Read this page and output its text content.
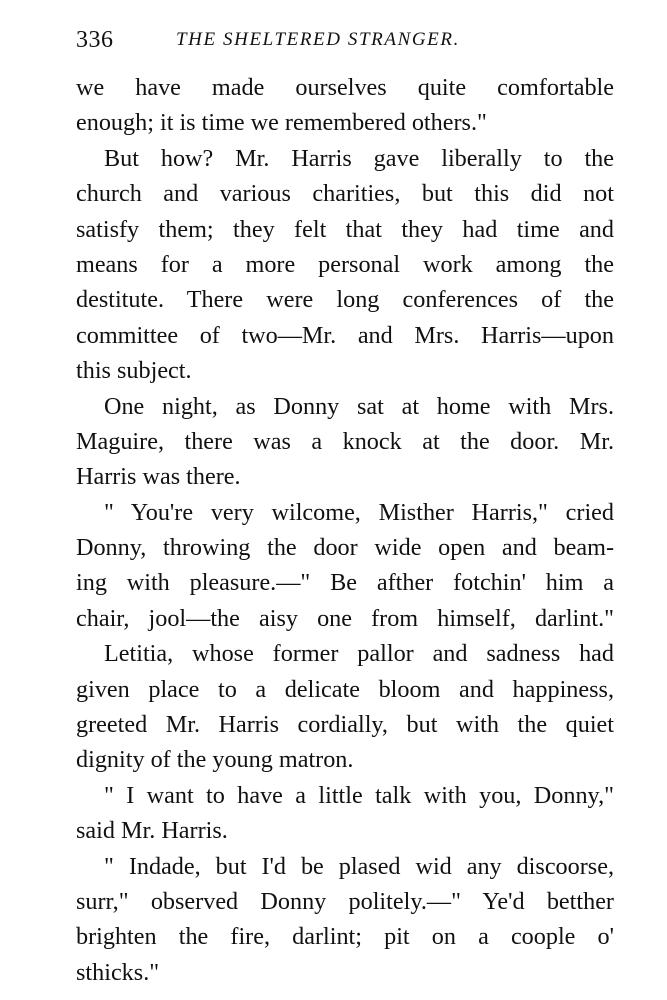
336	THE SHELTERED STRANGER.
we have made ourselves quite comfortable
enough; it is time we remembered others."
But how? Mr. Harris gave liberally to the
church and various charities, but this did not
satisfy them; they felt that they had time and
means for a more personal work among the
destitute. There were long conferences of the
committee of two—Mr. and Mrs. Harris—upon
this subject.
One night, as Donny sat at home with Mrs.
Maguire, there was a knock at the door. Mr.
Harris was there.
" You're very wilcome, Misther Harris," cried
Donny, throwing the door wide open and beam-
ing with pleasure.—" Be afther fotchin' him a
chair, jool—the aisy one from himself, darlint."
Letitia, whose former pallor and sadness had
given place to a delicate bloom and happiness,
greeted Mr. Harris cordially, but with the quiet
dignity of the young matron.
" I want to have a little talk with you, Donny,"
said Mr. Harris.
" Indade, but I'd be plased wid any discoorse,
surr," observed Donny politely.—" Ye'd betther
brighten the fire, darlint; pit on a coople o'
sthicks."
